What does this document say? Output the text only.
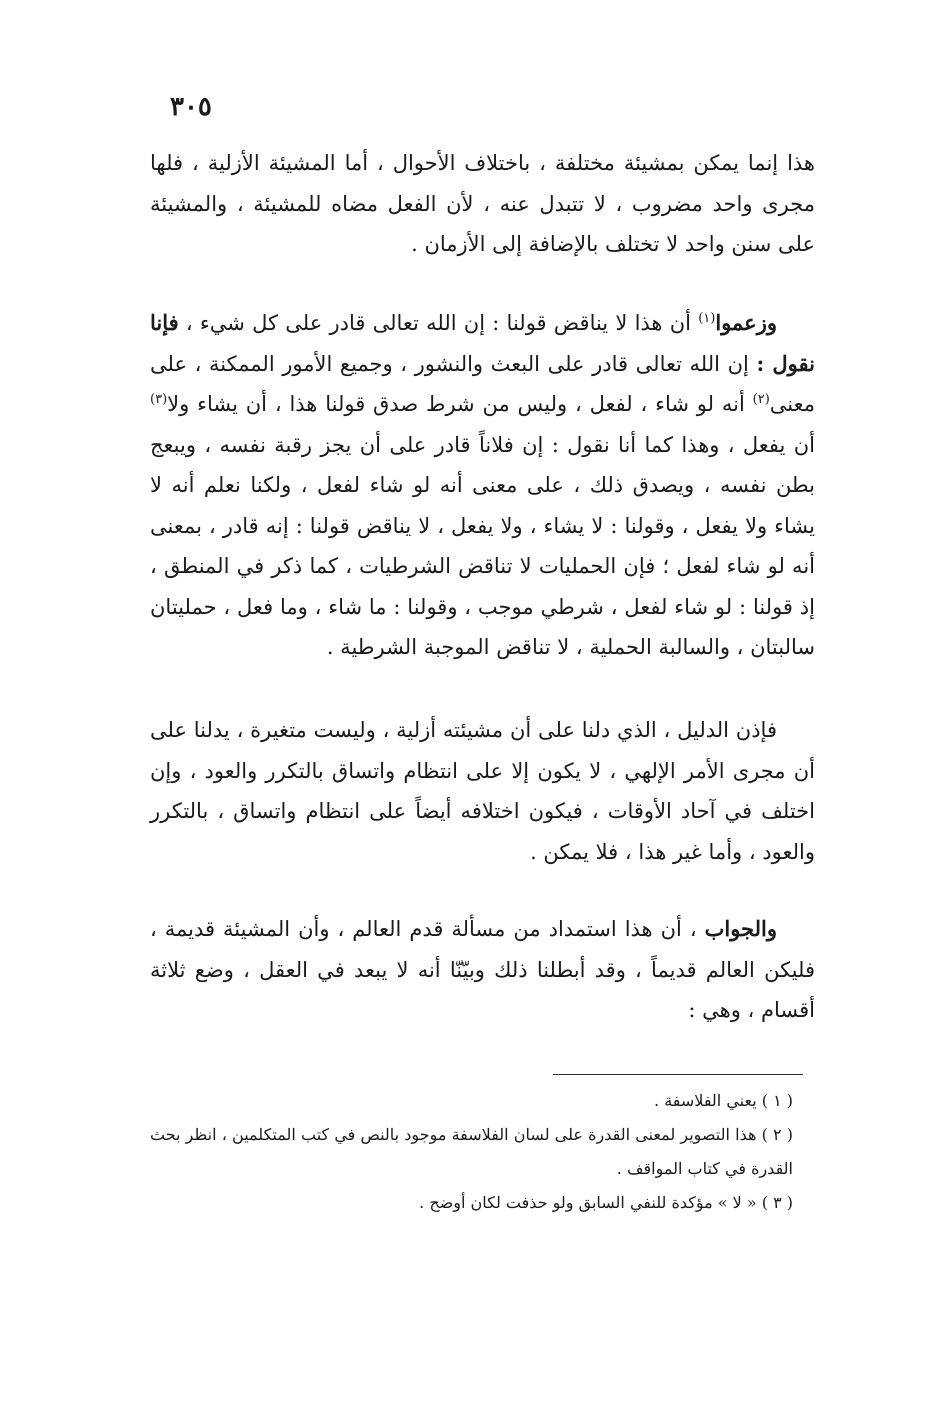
٣٠٥

هذا إنما يمكن بمشيئة مختلفة ، باختلاف الأحوال ، أما المشيئة الأزلية ، فلها مجرى واحد مضروب ، لا تتبدل عنه ، لأن الفعل مضاه للمشيئة ، والمشيئة على سنن واحد لا تختلف بالإضافة إلى الأزمان .

وزعموا$^{(١)}$ أن هذا لا يناقض قولنا : إن الله تعالى قادر على كل شيء ، فإنا نقول : إن الله تعالى قادر على البعث والنشور ، وجميع الأمور الممكنة ، على معنى$^{(٢)}$ أنه لو شاء ، لفعل ، وليس من شرط صدق قولنا هذا ، أن يشاء ولا$^{(٣)}$ أن يفعل ، وهذا كما أنا نقول : إن فلاناً قادر على أن يجز رقبة نفسه ، ويبعج بطن نفسه ، ويصدق ذلك ، على معنى أنه لو شاء لفعل ، ولكنا نعلم أنه لا يشاء ولا يفعل ، وقولنا : لا يشاء ، ولا يفعل ، لا يناقض قولنا : إنه قادر ، بمعنى أنه لو شاء لفعل ؛ فإن الحمليات لا تناقض الشرطيات ، كما ذكر في المنطق ، إذ قولنا : لو شاء لفعل ، شرطي موجب ، وقولنا : ما شاء ، وما فعل ، حمليتان سالبتان ، والسالبة الحملية ، لا تناقض الموجبة الشرطية .

فإذن الدليل ، الذي دلنا على أن مشيئته أزلية ، وليست متغيرة ، يدلنا على أن مجرى الأمر الإلهي ، لا يكون إلا على انتظام واتساق بالتكرر والعود ، وإن اختلف في آحاد الأوقات ، فيكون اختلافه أيضاً على انتظام واتساق ، بالتكرر والعود ، وأما غير هذا ، فلا يمكن .

والجواب ، أن هذا استمداد من مسألة قدم العالم ، وأن المشيئة قديمة ، فليكن العالم قديماً ، وقد أبطلنا ذلك وبيّنّا أنه لا يبعد في العقل ، وضع ثلاثة أقسام ، وهي :

( ١ ) يعني الفلاسفة .

( ٢ ) هذا التصوير لمعنى القدرة على لسان الفلاسفة موجود بالنص في كتب المتكلمين ، انظر بحث القدرة في كتاب المواقف .

( ٣ ) « لا » مؤكدة للنفي السابق ولو حذفت لكان أوضح .
